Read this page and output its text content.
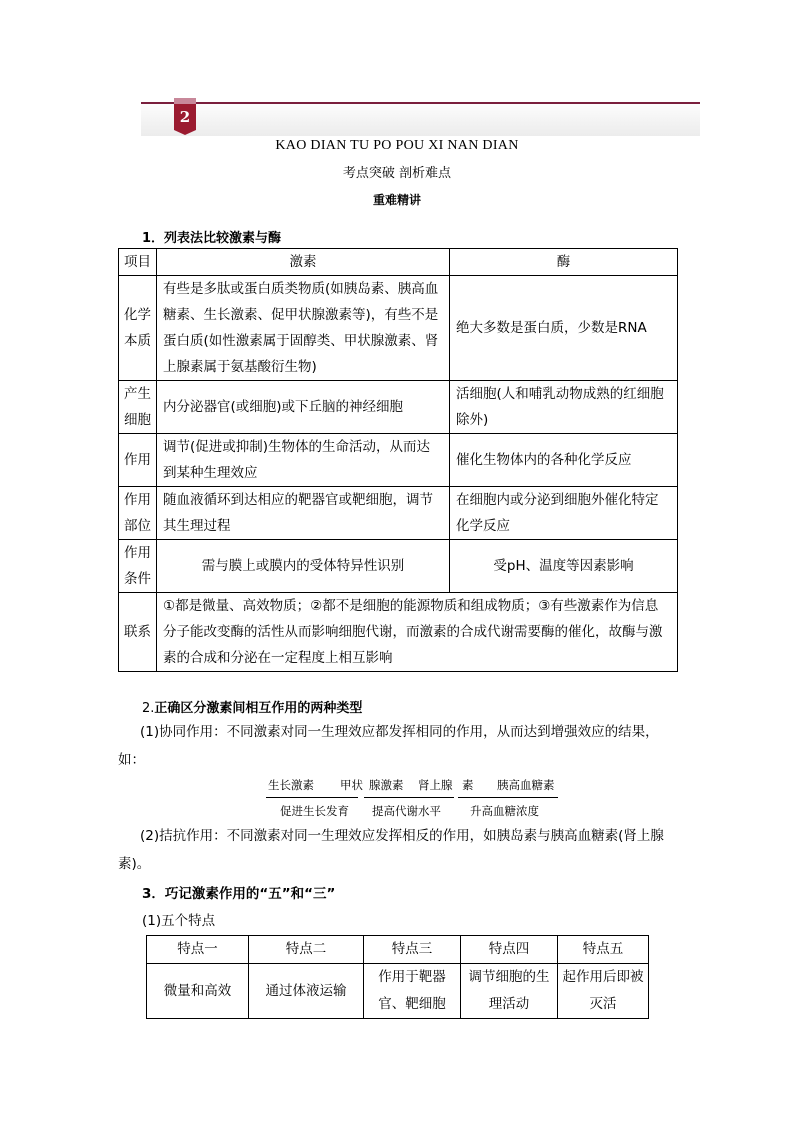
2
KAO DIAN TU PO POU XI NAN DIAN
考点突破 剖析难点
重难精讲
1．列表法比较激素与酶
项目	激素	酶
化学本质	有些是多肽或蛋白质类物质(如胰岛素、胰高血糖素、生长激素、促甲状腺激素等)，有些不是蛋白质(如性激素属于固醇类、甲状腺激素、肾上腺素属于氨基酸衍生物)	绝大多数是蛋白质，少数是RNA
产生细胞	内分泌器官(或细胞)或下丘脑的神经细胞	活细胞(人和哺乳动物成熟的红细胞除外)
作用	调节(促进或抑制)生物体的生命活动，从而达到某种生理效应	催化生物体内的各种化学反应
作用部位	随血液循环到达相应的靶器官或靶细胞，调节其生理过程	在细胞内或分泌到细胞外催化特定化学反应
作用条件	需与膜上或膜内的受体特异性识别	受pH、温度等因素影响
联系	①都是微量、高效物质；②都不是细胞的能源物质和组成物质；③有些激素作为信息分子能改变酶的活性从而影响细胞代谢，而激素的合成代谢需要酶的催化，故酶与激素的合成和分泌在一定程度上相互影响	
2.正确区分激素间相互作用的两种类型
(1)协同作用：不同激素对同一生理效应都发挥相同的作用，从而达到增强效应的结果，如：
生长激素 甲状 腺激素 肾上腺 素 胰高血糖素
促进生长发育 提高代谢水平	升高血糖浓度
(2)拮抗作用：不同激素对同一生理效应发挥相反的作用，如胰岛素与胰高血糖素(肾上腺素)。
3．巧记激素作用的“五”和“三”
(1)五个特点
特点一	特点二	特点三	特点四	特点五
微量和高效	通过体液运输	作用于靶器官、靶细胞	调节细胞的生理活动	起作用后即被灭活
